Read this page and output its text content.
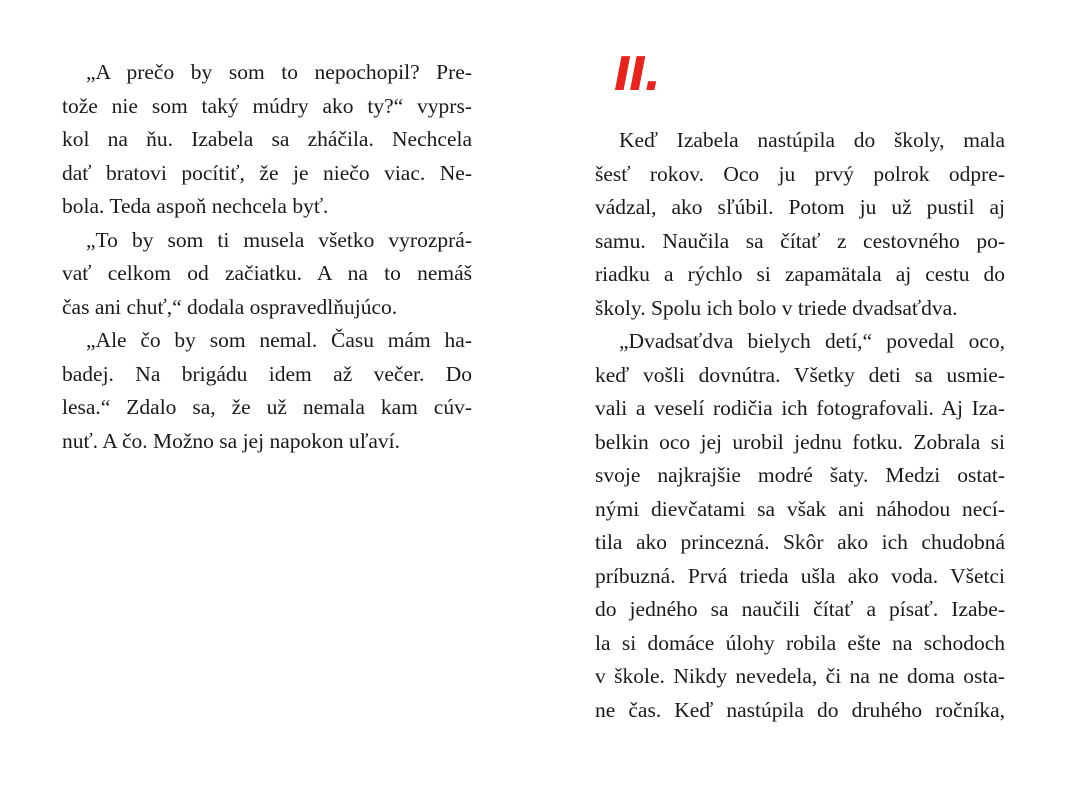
„A prečo by som to nepochopil? Pre-
tože nie som taký múdry ako ty?“ vyprs-
kol na ňu. Izabela sa zháčila. Nechcela
dať bratovi pocítiť, že je niečo viac. Ne-
bola. Teda aspoň nechcela byť.
„To by som ti musela všetko vyrozprá-
vať celkom od začiatku. A na to nemáš
čas ani chuť,“ dodala ospravedlňujúco.
„Ale čo by som nemal. Času mám ha-
badej. Na brigádu idem až večer. Do
lesa.“ Zdalo sa, že už nemala kam cúv-
nuť. A čo. Možno sa jej napokon uľaví.
II.
Keď Izabela nastúpila do školy, mala
šesť rokov. Oco ju prvý polrok odpre-
vádzal, ako sľúbil. Potom ju už pustil aj
samu. Naučila sa čítať z cestovného po-
riadku a rýchlo si zapamätala aj cestu do
školy. Spolu ich bolo v triede dvadsaťdva.
„Dvadsaťdva bielych detí,“ povedal oco,
keď vošli dovnútra. Všetky deti sa usmie-
vali a veselí rodičia ich fotografovali. Aj Iza-
belkin oco jej urobil jednu fotku. Zobrala si
svoje najkrajšie modré šaty. Medzi ostat-
nými dievčatami sa však ani náhodou necí-
tila ako princezná. Skôr ako ich chudobná
príbuzná. Prvá trieda ušla ako voda. Všetci
do jedného sa naučili čítať a písať. Izabe-
la si domáce úlohy robila ešte na schodoch
v škole. Nikdy nevedela, či na ne doma osta-
ne čas. Keď nastúpila do druhého ročníka,
